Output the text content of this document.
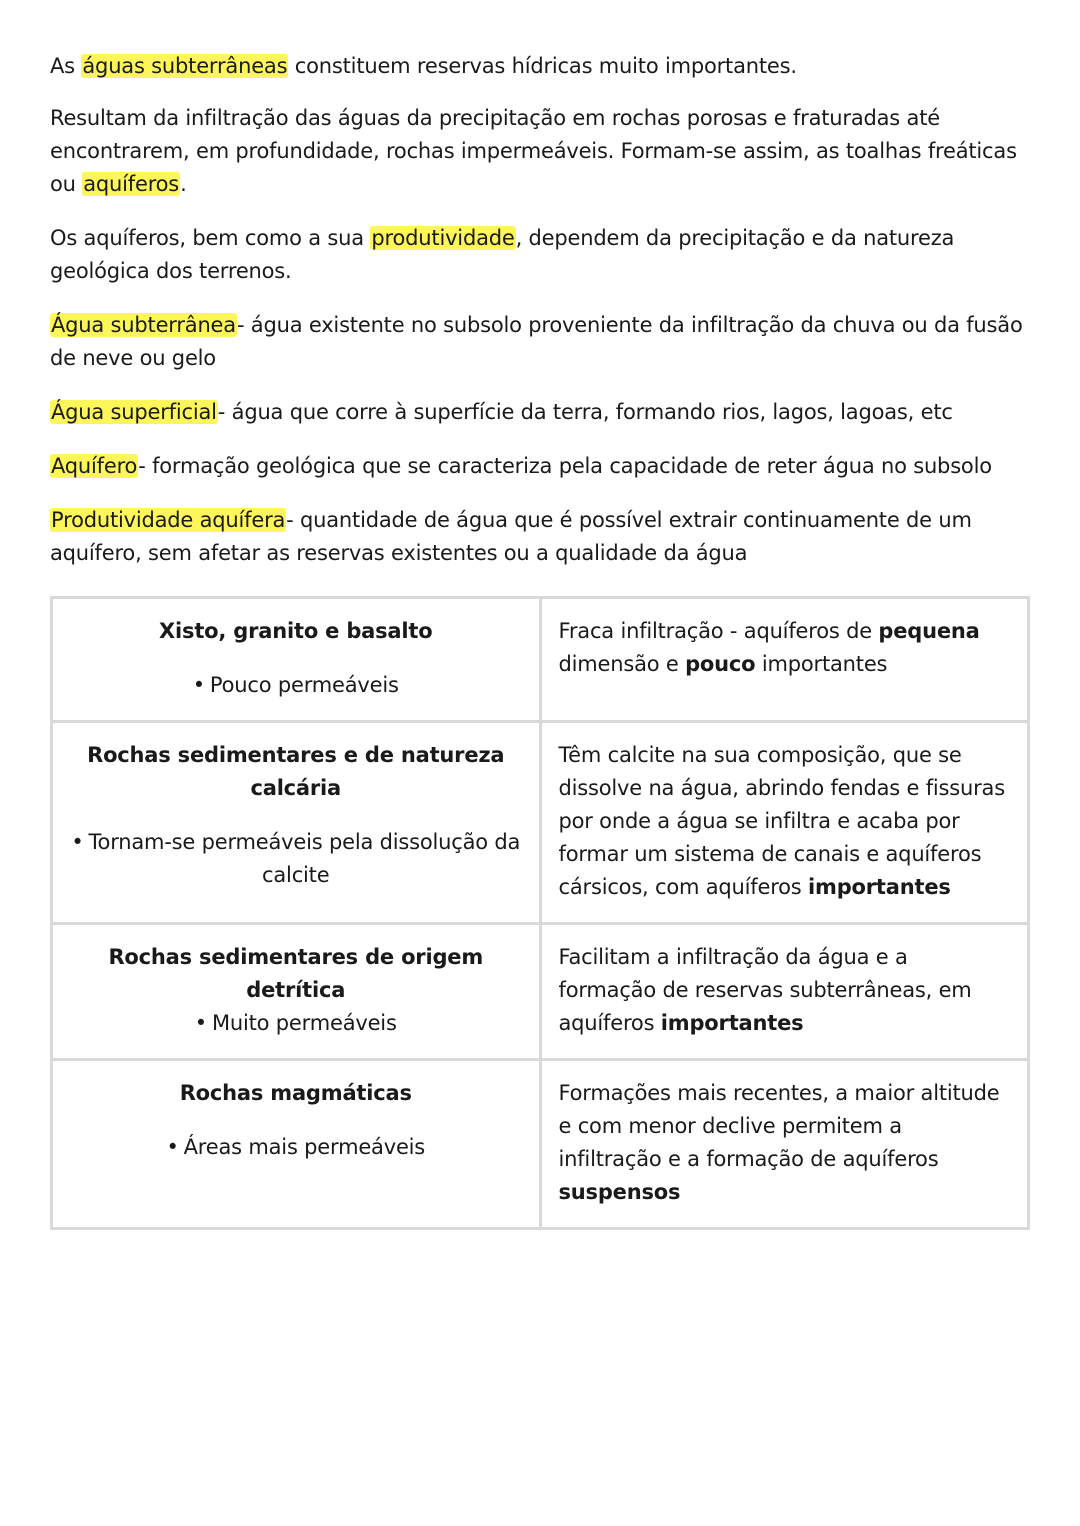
As águas subterrâneas constituem reservas hídricas muito importantes.

Resultam da infiltração das águas da precipitação em rochas porosas e fraturadas até encontrarem, em profundidade, rochas impermeáveis. Formam-se assim, as toalhas freáticas ou aquíferos.

Os aquíferos, bem como a sua produtividade, dependem da precipitação e da natureza geológica dos terrenos.

Água subterrânea- água existente no subsolo proveniente da infiltração da chuva ou da fusão de neve ou gelo

Água superficial- água que corre à superfície da terra, formando rios, lagos, lagoas, etc

Aquífero- formação geológica que se caracteriza pela capacidade de reter água no subsolo

Produtividade aquífera- quantidade de água que é possível extrair continuamente de um aquífero, sem afetar as reservas existentes ou a qualidade da água

Xisto, granito e basalto
• Pouco permeáveis	Fraca infiltração - aquíferos de pequena dimensão e pouco importantes

Rochas sedimentares e de natureza calcária
• Tornam-se permeáveis pela dissolução da calcite	Têm calcite na sua composição, que se dissolve na água, abrindo fendas e fissuras por onde a água se infiltra e acaba por formar um sistema de canais e aquíferos cársicos, com aquíferos importantes

Rochas sedimentares de origem detrítica
• Muito permeáveis	Facilitam a infiltração da água e a formação de reservas subterrâneas, em aquíferos importantes

Rochas magmáticas
• Áreas mais permeáveis	Formações mais recentes, a maior altitude e com menor declive permitem a infiltração e a formação de aquíferos suspensos
